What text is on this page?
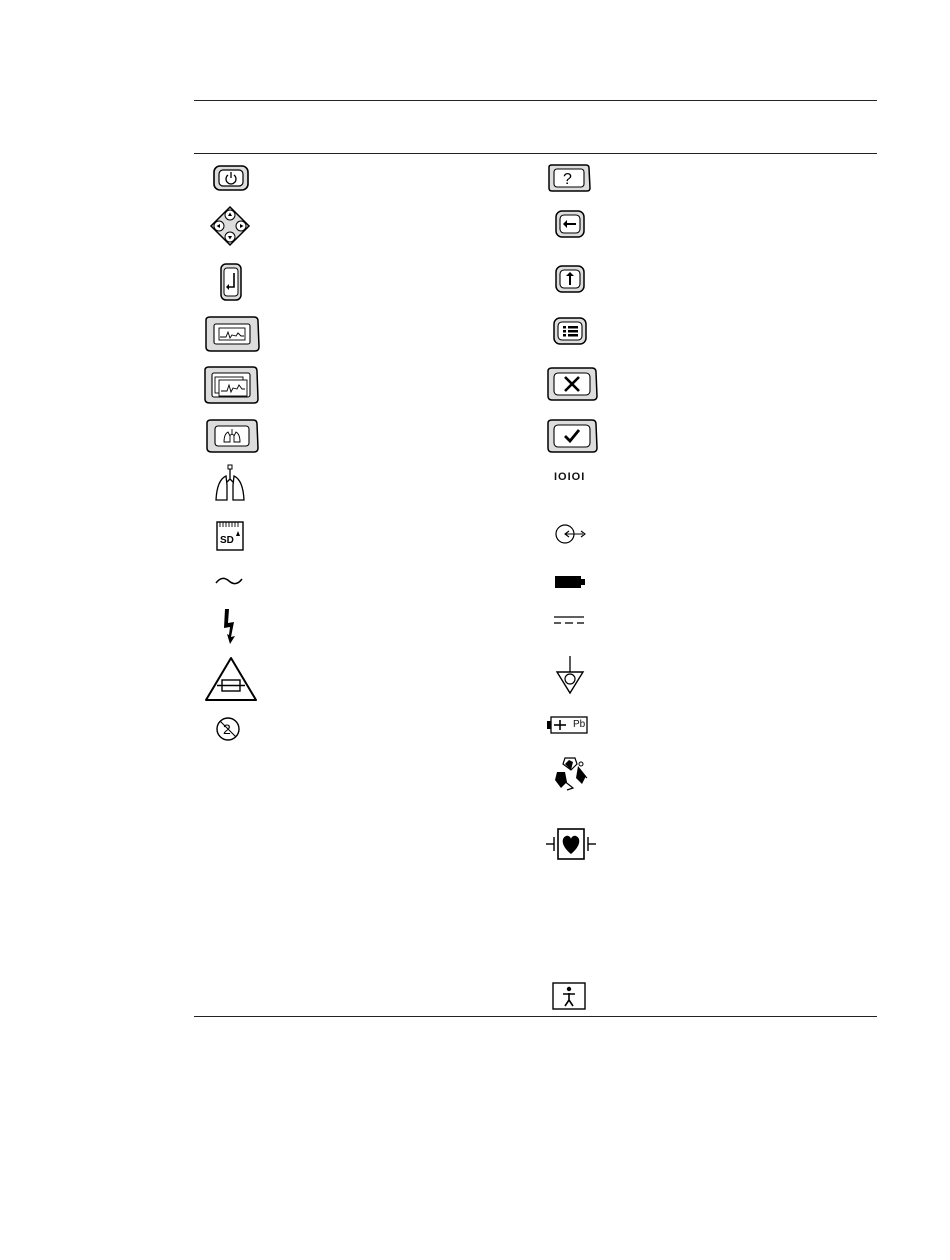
SD
2
?
IOIOI
Pb
